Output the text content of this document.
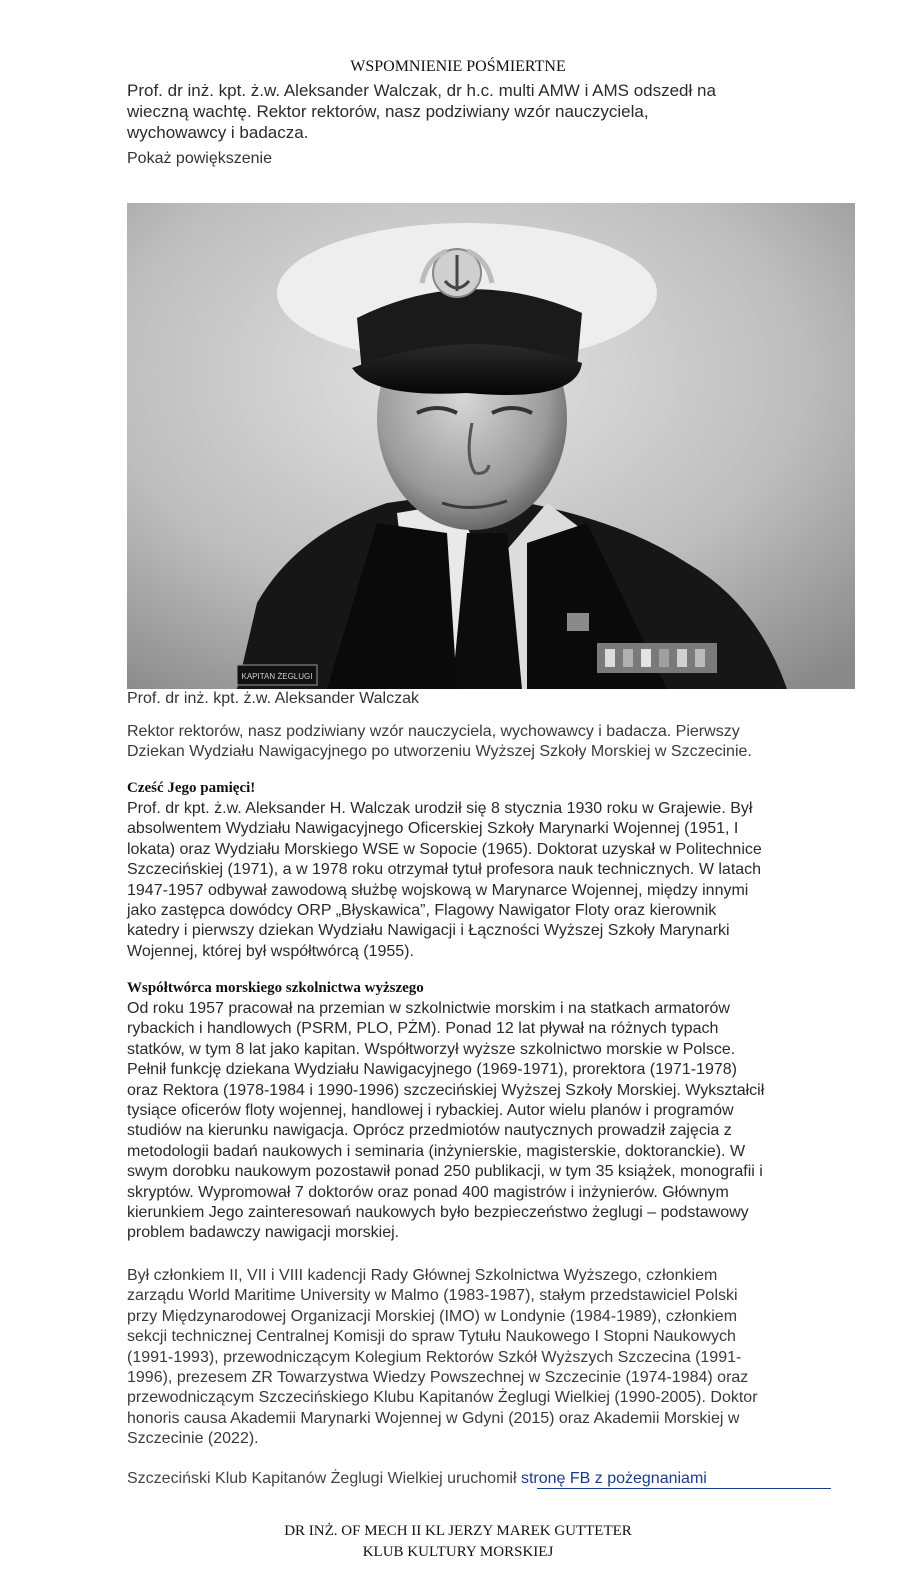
WSPOMNIENIE POŚMIERTNE
Prof. dr inż. kpt. ż.w. Aleksander Walczak, dr h.c. multi AMW i AMS odszedł na
wieczną wachtę. Rektor rektorów, nasz podziwiany wzór nauczyciela,
wychowawcy i badacza.
Pokaż powiększenie
KAPITAN ŻEGLUGI
Prof. dr inż. kpt. ż.w. Aleksander Walczak
Rektor rektorów, nasz podziwiany wzór nauczyciela, wychowawcy i badacza. Pierwszy
Dziekan Wydziału Nawigacyjnego po utworzeniu Wyższej Szkoły Morskiej w Szczecinie.
Cześć Jego pamięci!
Prof. dr kpt. ż.w. Aleksander H. Walczak urodził się 8 stycznia 1930 roku w Grajewie. Był
absolwentem Wydziału Nawigacyjnego Oficerskiej Szkoły Marynarki Wojennej (1951, I
lokata) oraz Wydziału Morskiego WSE w Sopocie (1965). Doktorat uzyskał w Politechnice
Szczecińskiej (1971), a w 1978 roku otrzymał tytuł profesora nauk technicznych. W latach
1947-1957 odbywał zawodową służbę wojskową w Marynarce Wojennej, między innymi
jako zastępca dowódcy ORP „Błyskawica”, Flagowy Nawigator Floty oraz kierownik
katedry i pierwszy dziekan Wydziału Nawigacji i Łączności Wyższej Szkoły Marynarki
Wojennej, której był współtwórcą (1955).
Współtwórca morskiego szkolnictwa wyższego
Od roku 1957 pracował na przemian w szkolnictwie morskim i na statkach armatorów
rybackich i handlowych (PSRM, PLO, PŻM). Ponad 12 lat pływał na różnych typach
statków, w tym 8 lat jako kapitan. Współtworzył wyższe szkolnictwo morskie w Polsce.
Pełnił funkcję dziekana Wydziału Nawigacyjnego (1969-1971), prorektora (1971-1978)
oraz Rektora (1978-1984 i 1990-1996) szczecińskiej Wyższej Szkoły Morskiej. Wykształcił
tysiące oficerów floty wojennej, handlowej i rybackiej. Autor wielu planów i programów
studiów na kierunku nawigacja. Oprócz przedmiotów nautycznych prowadził zajęcia z
metodologii badań naukowych i seminaria (inżynierskie, magisterskie, doktoranckie). W
swym dorobku naukowym pozostawił ponad 250 publikacji, w tym 35 książek, monografii i
skryptów. Wypromował 7 doktorów oraz ponad 400 magistrów i inżynierów. Głównym
kierunkiem Jego zainteresowań naukowych było bezpieczeństwo żeglugi – podstawowy
problem badawczy nawigacji morskiej.
Był członkiem II, VII i VIII kadencji Rady Głównej Szkolnictwa Wyższego, członkiem
zarządu World Maritime University w Malmo (1983-1987), stałym przedstawiciel Polski
przy Międzynarodowej Organizacji Morskiej (IMO) w Londynie (1984-1989), członkiem
sekcji technicznej Centralnej Komisji do spraw Tytułu Naukowego I Stopni Naukowych
(1991-1993), przewodniczącym Kolegium Rektorów Szkół Wyższych Szczecina (1991-
1996), prezesem ZR Towarzystwa Wiedzy Powszechnej w Szczecinie (1974-1984) oraz
przewodniczącym Szczecińskiego Klubu Kapitanów Żeglugi Wielkiej (1990-2005). Doktor
honoris causa Akademii Marynarki Wojennej w Gdyni (2015) oraz Akademii Morskiej w
Szczecinie (2022).
Szczeciński Klub Kapitanów Żeglugi Wielkiej uruchomił stronę FB z pożegnaniami
DR INŻ. OF MECH II KL JERZY MAREK GUTTETER
KLUB KULTURY MORSKIEJ
